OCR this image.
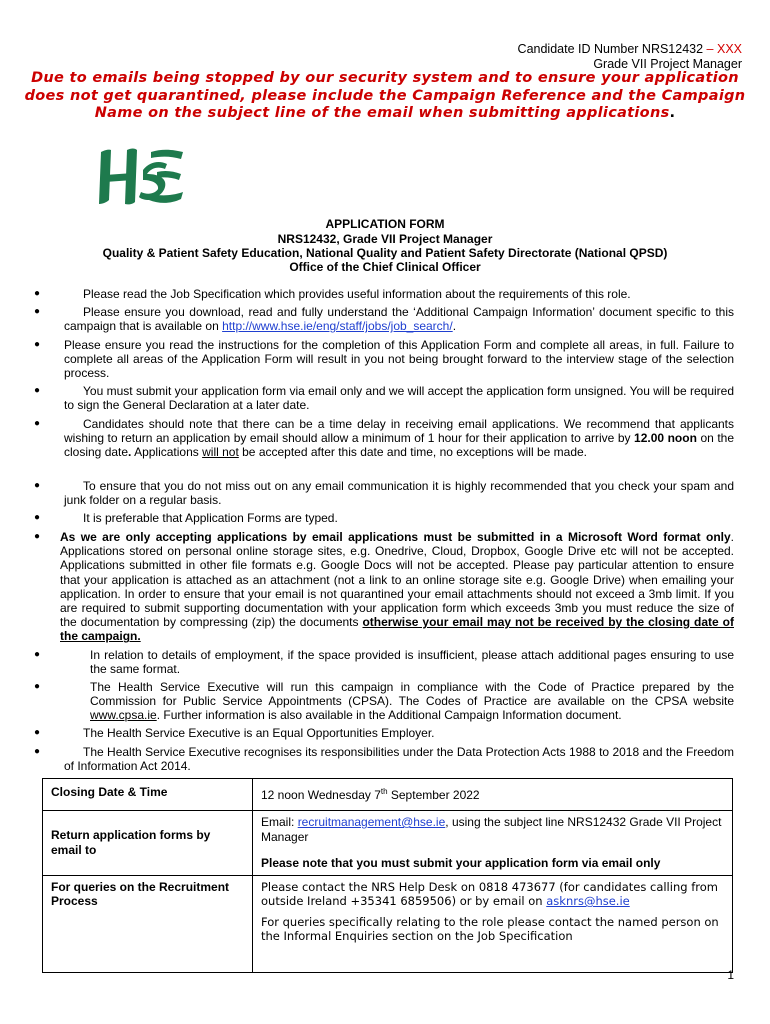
Candidate ID Number NRS12432 – XXX
Grade VII Project Manager
Due to emails being stopped by our security system and to ensure your application does not get quarantined, please include the Campaign Reference and the Campaign Name on the subject line of the email when submitting applications.
APPLICATION FORM
NRS12432, Grade VII Project Manager
Quality & Patient Safety Education, National Quality and Patient Safety Directorate (National QPSD)
Office of the Chief Clinical Officer
●	Please read the Job Specification which provides useful information about the requirements of this role.
●	Please ensure you download, read and fully understand the ‘Additional Campaign Information’ document specific to this campaign that is available on http://www.hse.ie/eng/staff/jobs/job_search/.
● Please ensure you read the instructions for the completion of this Application Form and complete all areas, in full. Failure to complete all areas of the Application Form will result in you not being brought forward to the interview stage of the selection process.
●	You must submit your application form via email only and we will accept the application form unsigned. You will be required to sign the General Declaration at a later date.
●	Candidates should note that there can be a time delay in receiving email applications. We recommend that applicants wishing to return an application by email should allow a minimum of 1 hour for their application to arrive by 12.00 noon on the closing date. Applications will not be accepted after this date and time, no exceptions will be made.
●	To ensure that you do not miss out on any email communication it is highly recommended that you check your spam and junk folder on a regular basis.
●	It is preferable that Application Forms are typed.
● As we are only accepting applications by email applications must be submitted in a Microsoft Word format only. Applications stored on personal online storage sites, e.g. Onedrive, Cloud, Dropbox, Google Drive etc will not be accepted. Applications submitted in other file formats e.g. Google Docs will not be accepted. Please pay particular attention to ensure that your application is attached as an attachment (not a link to an online storage site e.g. Google Drive) when emailing your application. In order to ensure that your email is not quarantined your email attachments should not exceed a 3mb limit. If you are required to submit supporting documentation with your application form which exceeds 3mb you must reduce the size of the documentation by compressing (zip) the documents otherwise your email may not be received by the closing date of the campaign.
●	In relation to details of employment, if the space provided is insufficient, please attach additional pages ensuring to use the same format.
●	The Health Service Executive will run this campaign in compliance with the Code of Practice prepared by the Commission for Public Service Appointments (CPSA). The Codes of Practice are available on the CPSA website www.cpsa.ie. Further information is also available in the Additional Campaign Information document.
●	The Health Service Executive is an Equal Opportunities Employer.
●	The Health Service Executive recognises its responsibilities under the Data Protection Acts 1988 to 2018 and the Freedom of Information Act 2014.
Closing Date & Time	12 noon Wednesday 7th September 2022
Return application forms by email to	Email: recruitmanagement@hse.ie, using the subject line NRS12432 Grade VII Project Manager
Please note that you must submit your application form via email only
For queries on the Recruitment Process	Please contact the NRS Help Desk on 0818 473677 (for candidates calling from outside Ireland +35341 6859506) or by email on asknrs@hse.ie
For queries specifically relating to the role please contact the named person on the Informal Enquiries section on the Job Specification
1
